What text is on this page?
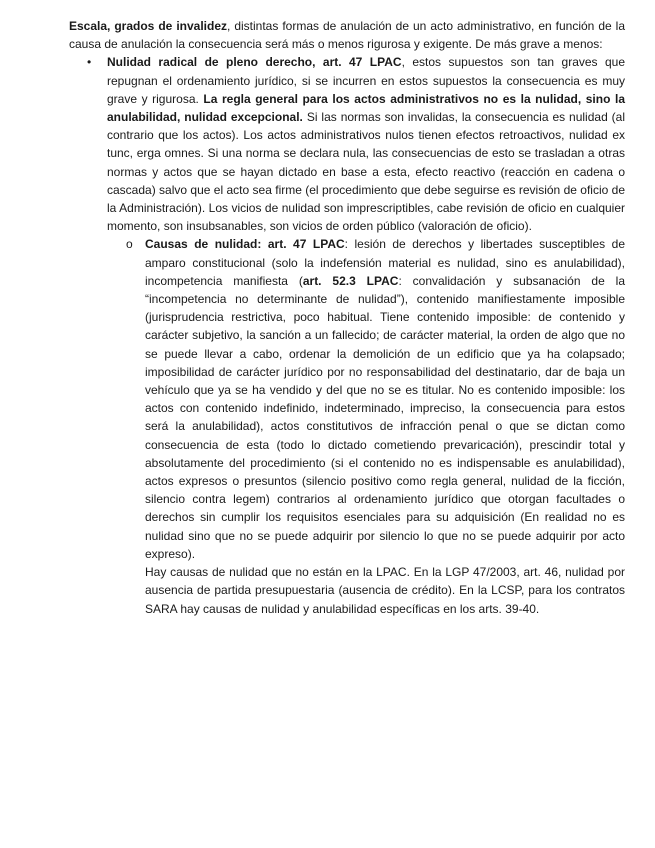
Escala, grados de invalidez, distintas formas de anulación de un acto administrativo, en función de la causa de anulación la consecuencia será más o menos rigurosa y exigente. De más grave a menos:

•	Nulidad radical de pleno derecho, art. 47 LPAC, estos supuestos son tan graves que repugnan el ordenamiento jurídico, si se incurren en estos supuestos la consecuencia es muy grave y rigurosa. La regla general para los actos administrativos no es la nulidad, sino la anulabilidad, nulidad excepcional. Si las normas son invalidas, la consecuencia es nulidad (al contrario que los actos). Los actos administrativos nulos tienen efectos retroactivos, nulidad ex tunc, erga omnes. Si una norma se declara nula, las consecuencias de esto se trasladan a otras normas y actos que se hayan dictado en base a esta, efecto reactivo (reacción en cadena o cascada) salvo que el acto sea firme (el procedimiento que debe seguirse es revisión de oficio de la Administración). Los vicios de nulidad son imprescriptibles, cabe revisión de oficio en cualquier momento, son insubsanables, son vicios de orden público (valoración de oficio).

o	Causas de nulidad: art. 47 LPAC: lesión de derechos y libertades susceptibles de amparo constitucional (solo la indefensión material es nulidad, sino es anulabilidad), incompetencia manifiesta (art. 52.3 LPAC: convalidación y subsanación de la “incompetencia no determinante de nulidad”), contenido manifiestamente imposible (jurisprudencia restrictiva, poco habitual. Tiene contenido imposible: de contenido y carácter subjetivo, la sanción a un fallecido; de carácter material, la orden de algo que no se puede llevar a cabo, ordenar la demolición de un edificio que ya ha colapsado; imposibilidad de carácter jurídico por no responsabilidad del destinatario, dar de baja un vehículo que ya se ha vendido y del que no se es titular. No es contenido imposible: los actos con contenido indefinido, indeterminado, impreciso, la consecuencia para estos será la anulabilidad), actos constitutivos de infracción penal o que se dictan como consecuencia de esta (todo lo dictado cometiendo prevaricación), prescindir total y absolutamente del procedimiento (si el contenido no es indispensable es anulabilidad), actos expresos o presuntos (silencio positivo como regla general, nulidad de la ficción, silencio contra legem) contrarios al ordenamiento jurídico que otorgan facultades o derechos sin cumplir los requisitos esenciales para su adquisición (En realidad no es nulidad sino que no se puede adquirir por silencio lo que no se puede adquirir por acto expreso).

Hay causas de nulidad que no están en la LPAC. En la LGP 47/2003, art. 46, nulidad por ausencia de partida presupuestaria (ausencia de crédito). En la LCSP, para los contratos SARA hay causas de nulidad y anulabilidad específicas en los arts. 39-40.
